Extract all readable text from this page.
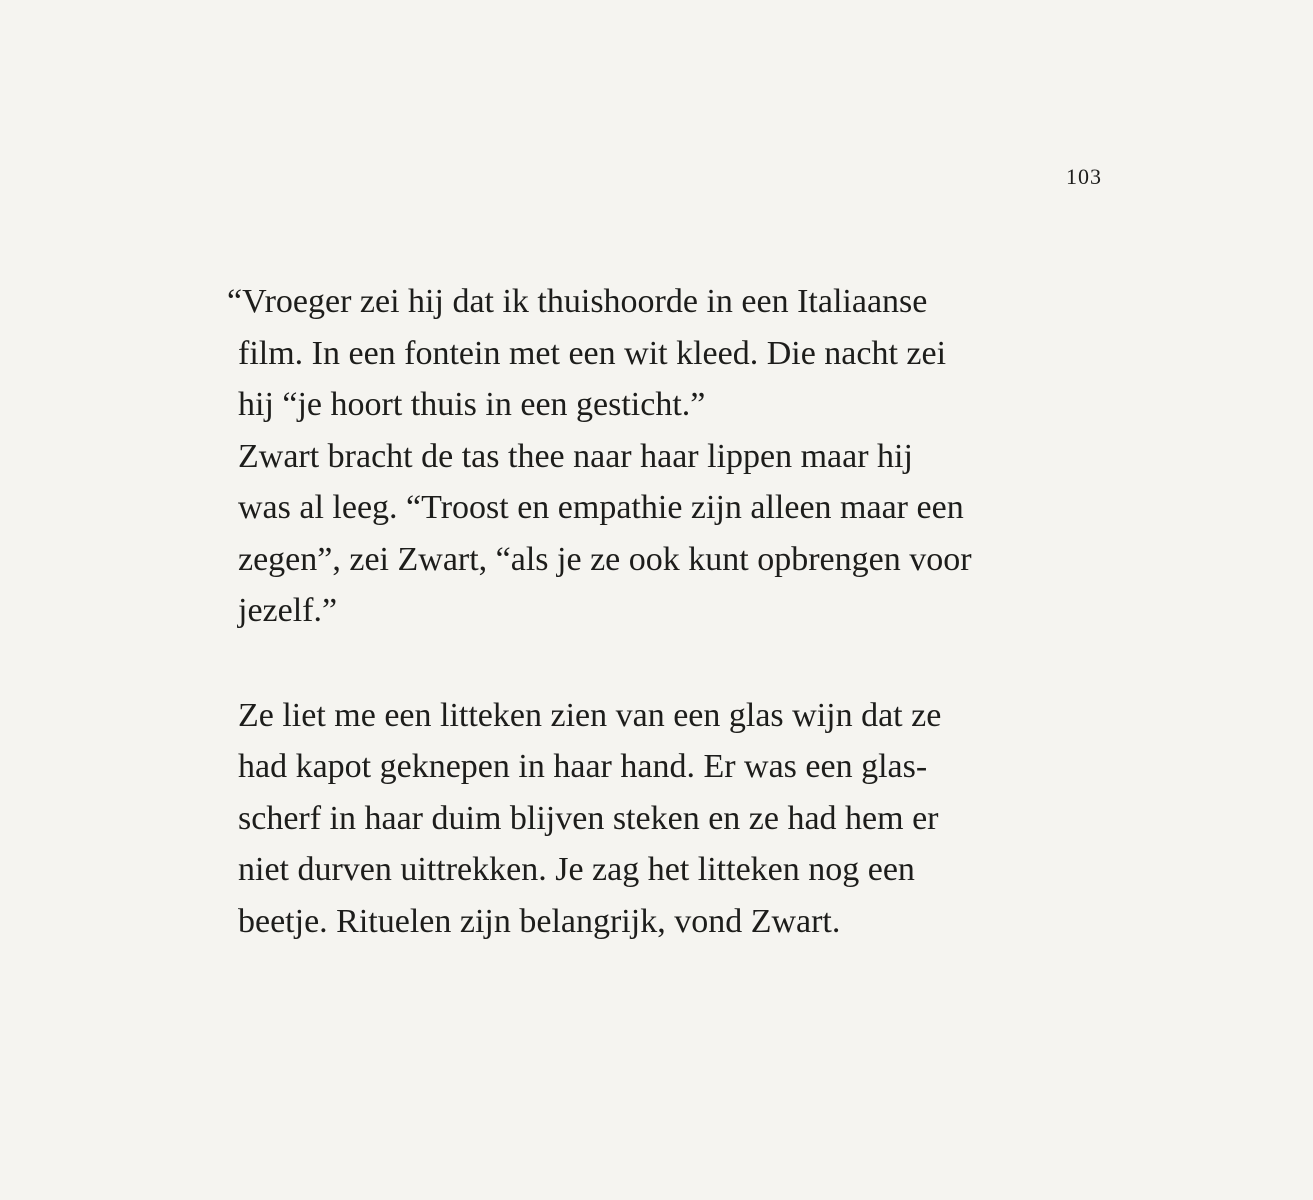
103
“Vroeger zei hij dat ik thuishoorde in een Italiaanse
film. In een fontein met een wit kleed. Die nacht zei
hij “je hoort thuis in een gesticht.”
Zwart bracht de tas thee naar haar lippen maar hij
was al leeg. “Troost en empathie zijn alleen maar een
zegen”, zei Zwart, “als je ze ook kunt opbrengen voor
jezelf.”
Ze liet me een litteken zien van een glas wijn dat ze
had kapot geknepen in haar hand. Er was een glas-
scherf in haar duim blijven steken en ze had hem er
niet durven uittrekken. Je zag het litteken nog een
beetje. Rituelen zijn belangrijk, vond Zwart.
